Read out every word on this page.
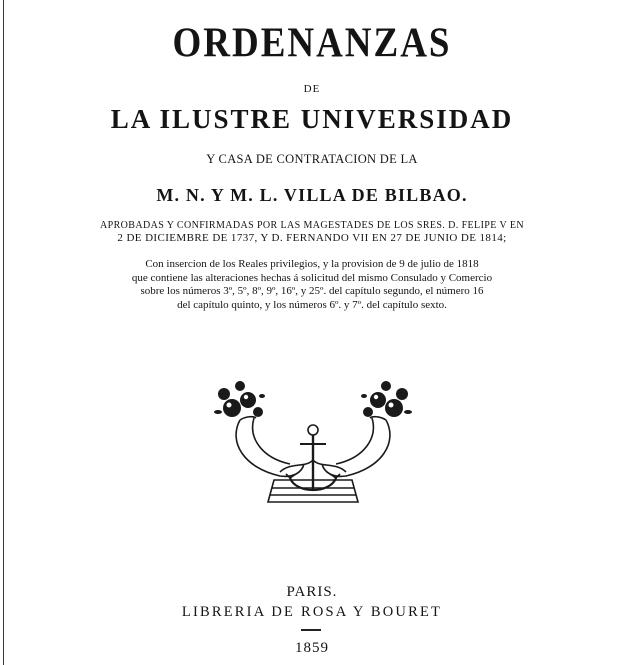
ORDENANZAS

DE

LA ILUSTRE UNIVERSIDAD

Y CASA DE CONTRATACION DE LA

M. N. Y M. L. VILLA DE BILBAO.

APROBADAS Y CONFIRMADAS POR LAS MAGESTADES DE LOS SRES. D. FELIPE V EN
2 DE DICIEMBRE DE 1737, Y D. FERNANDO VII EN 27 DE JUNIO DE 1814;
Con insercion de los Reales privilegios, y la provision de 9 de julio de 1818
que contiene las alteraciones hechas á solicitud del mismo Consulado y Comercio
sobre los números 3º, 5º, 8º, 9º, 16º, y 25º. del capítulo segundo, el número 16
del capítulo quinto, y los números 6º. y 7º. del capítulo sexto.

PARIS.

LIBRERIA DE ROSA Y BOURET

1859
